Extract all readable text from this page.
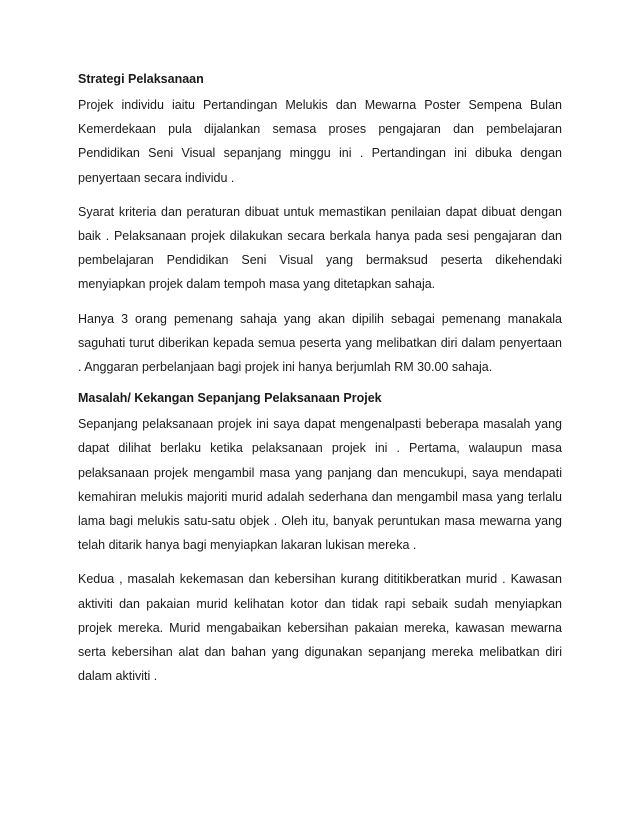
Strategi Pelaksanaan

Projek individu iaitu Pertandingan Melukis dan Mewarna Poster Sempena Bulan Kemerdekaan pula dijalankan semasa proses pengajaran dan pembelajaran Pendidikan Seni Visual sepanjang minggu ini . Pertandingan ini dibuka dengan penyertaan secara individu .

Syarat kriteria dan peraturan dibuat untuk memastikan penilaian dapat dibuat dengan baik . Pelaksanaan projek dilakukan secara berkala hanya pada sesi pengajaran dan pembelajaran Pendidikan Seni Visual yang bermaksud peserta dikehendaki menyiapkan projek dalam tempoh masa yang ditetapkan sahaja.

Hanya 3 orang pemenang sahaja yang akan dipilih sebagai pemenang manakala saguhati turut diberikan kepada semua peserta yang melibatkan diri dalam penyertaan . Anggaran perbelanjaan bagi projek ini hanya berjumlah RM 30.00 sahaja.

Masalah/ Kekangan Sepanjang Pelaksanaan Projek

Sepanjang pelaksanaan projek ini saya dapat mengenalpasti beberapa masalah yang dapat dilihat berlaku ketika pelaksanaan projek ini . Pertama, walaupun masa pelaksanaan projek mengambil masa yang panjang dan mencukupi, saya mendapati kemahiran melukis majoriti murid adalah sederhana dan mengambil masa yang terlalu lama bagi melukis satu-satu objek . Oleh itu, banyak peruntukan masa mewarna yang telah ditarik hanya bagi menyiapkan lakaran lukisan mereka .

Kedua , masalah kekemasan dan kebersihan kurang dititikberatkan murid . Kawasan aktiviti dan pakaian murid kelihatan kotor dan tidak rapi sebaik sudah menyiapkan projek mereka. Murid mengabaikan kebersihan pakaian mereka, kawasan mewarna serta kebersihan alat dan bahan yang digunakan sepanjang mereka melibatkan diri dalam aktiviti .
